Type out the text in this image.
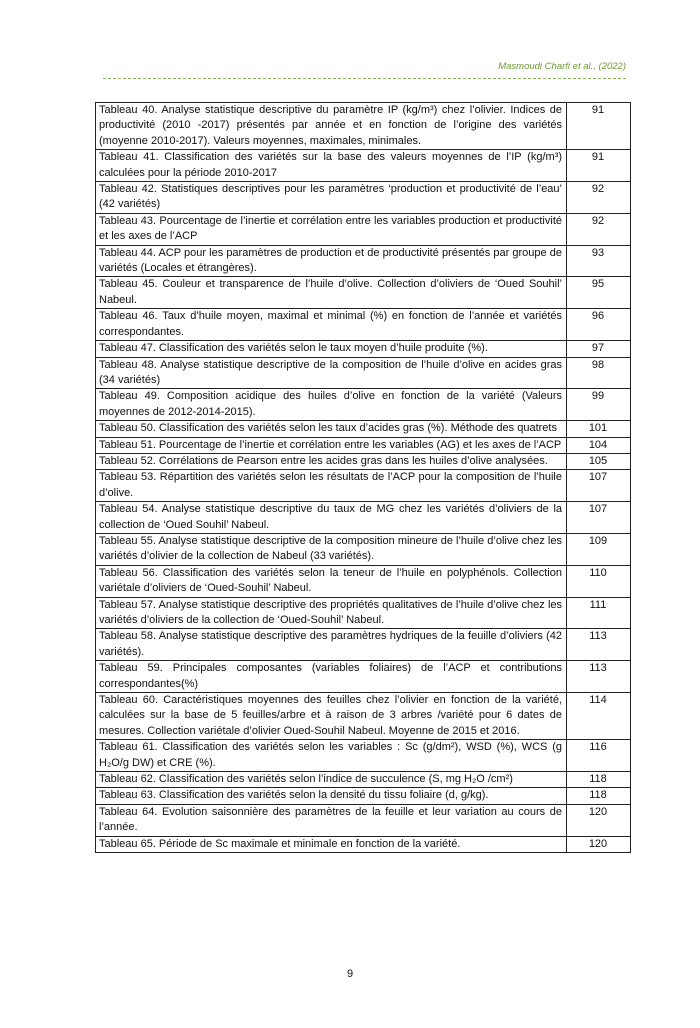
Masmoudi Charfi et al., (2022)
Tableau 40. Analyse statistique descriptive du paramètre IP (kg/m³) chez l’olivier. Indices de productivité (2010 -2017) présentés par année et en fonction de l’origine des variétés (moyenne 2010-2017). Valeurs moyennes, maximales, minimales.	91
Tableau 41. Classification des variétés sur la base des valeurs moyennes de l’IP (kg/m³) calculées pour la période 2010-2017	91
Tableau 42. Statistiques descriptives pour les paramètres ‘production et productivité de l’eau’ (42 variétés)	92
Tableau 43. Pourcentage de l’inertie et corrélation entre les variables production et productivité et les axes de l’ACP	92
Tableau 44. ACP pour les paramètres de production et de productivité présentés par groupe de variétés (Locales et étrangères).	93
Tableau 45. Couleur et transparence de l’huile d’olive. Collection d’oliviers de ‘Oued Souhil’ Nabeul.	95
Tableau 46. Taux d’huile moyen, maximal et minimal (%) en fonction de l’année et variétés correspondantes.	96
Tableau 47. Classification des variétés selon le taux moyen d’huile produite (%).	97
Tableau 48. Analyse statistique descriptive de la composition de l’huile d’olive en acides gras (34 variétés)	98
Tableau 49. Composition acidique des huiles d’olive en fonction de la variété (Valeurs moyennes de 2012-2014-2015).	99
Tableau 50. Classification des variétés selon les taux d’acides gras (%). Méthode des quatrets	101
Tableau 51. Pourcentage de l’inertie et corrélation entre les variables (AG) et les axes de l’ACP	104
Tableau 52. Corrélations de Pearson entre les acides gras dans les huiles d’olive analysées.	105
Tableau 53. Répartition des variétés selon les résultats de l’ACP pour la composition de l’huile d’olive.	107
Tableau 54. Analyse statistique descriptive du taux de MG chez les variétés d’oliviers de la collection de ‘Oued Souhil’ Nabeul.	107
Tableau 55. Analyse statistique descriptive de la composition mineure de l’huile d’olive chez les variétés d’olivier de la collection de Nabeul (33 variétés).	109
Tableau 56. Classification des variétés selon la teneur de l’huile en polyphénols. Collection variétale d’oliviers de ‘Oued-Souhil’ Nabeul.	110
Tableau 57. Analyse statistique descriptive des propriétés qualitatives de l’huile d’olive chez les variétés d’oliviers de la collection de ‘Oued-Souhil’ Nabeul.	111
Tableau 58. Analyse statistique descriptive des paramètres hydriques de la feuille d’oliviers (42 variétés).	113
Tableau 59. Principales composantes (variables foliaires) de l’ACP et contributions correspondantes(%)	113
Tableau 60. Caractéristiques moyennes des feuilles chez l’olivier en fonction de la variété, calculées sur la base de 5 feuilles/arbre et à raison de 3 arbres /variété pour 6 dates de mesures. Collection variétale d’olivier Oued-Souhil Nabeul. Moyenne de 2015 et 2016.	114
Tableau 61. Classification des variétés selon les variables : Sc (g/dm²), WSD (%), WCS (g H₂O/g DW) et CRE (%).	116
Tableau 62. Classification des variétés selon l’indice de succulence (S, mg H₂O /cm²)	118
Tableau 63. Classification des variétés selon la densité du tissu foliaire (d, g/kg).	118
Tableau 64. Evolution saisonnière des paramètres de la feuille et leur variation au cours de l’année.	120
Tableau 65. Période de Sc maximale et minimale en fonction de la variété.	120
9
